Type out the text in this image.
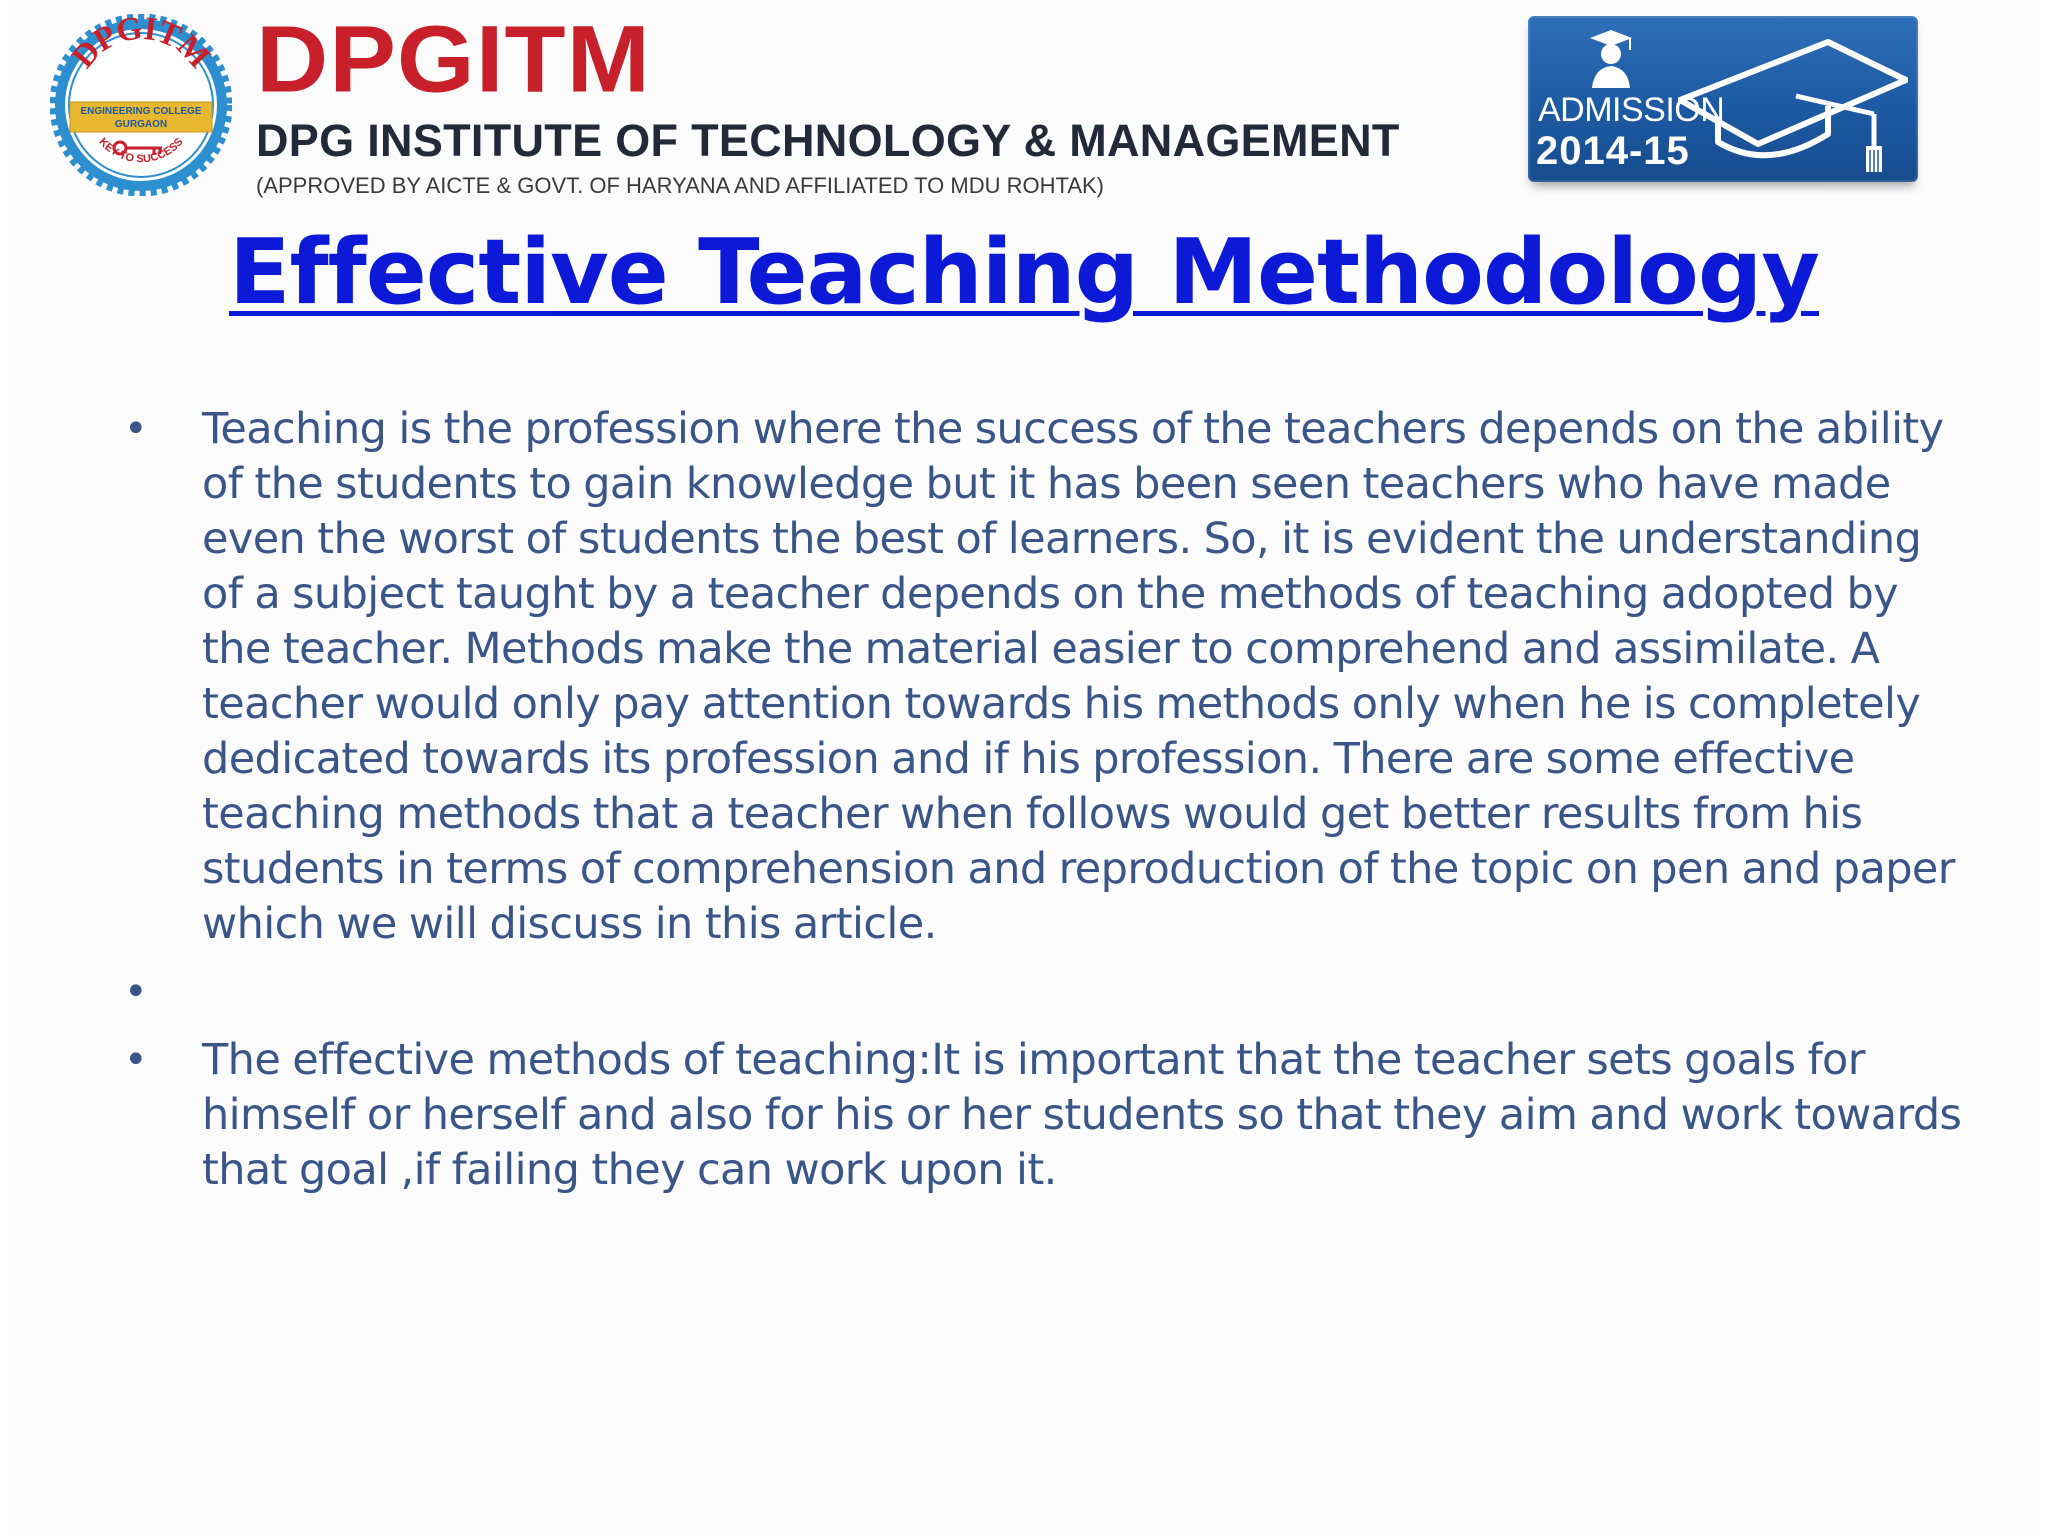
DPGITM
ENGINEERING COLLEGE
GURGAON
KEY TO SUCCESS
DPGITM
DPG INSTITUTE OF TECHNOLOGY & MANAGEMENT
(APPROVED BY AICTE & GOVT. OF HARYANA AND AFFILIATED TO MDU ROHTAK)
ADMISSION
2014-15
Effective Teaching Methodology
• Teaching is the profession where the success of the teachers depends on the ability of the students to gain knowledge but it has been seen teachers who have made even the worst of students the best of learners. So, it is evident the understanding of a subject taught by a teacher depends on the methods of teaching adopted by the teacher. Methods make the material easier to comprehend and assimilate. A teacher would only pay attention towards his methods only when he is completely dedicated towards its profession and if his profession. There are some effective teaching methods that a teacher when follows would get better results from his students in terms of comprehension and reproduction of the topic on pen and paper which we will discuss in this article.
•
• The effective methods of teaching:It is important that the teacher sets goals for himself or herself and also for his or her students so that they aim and work towards that goal ,if failing they can work upon it.
